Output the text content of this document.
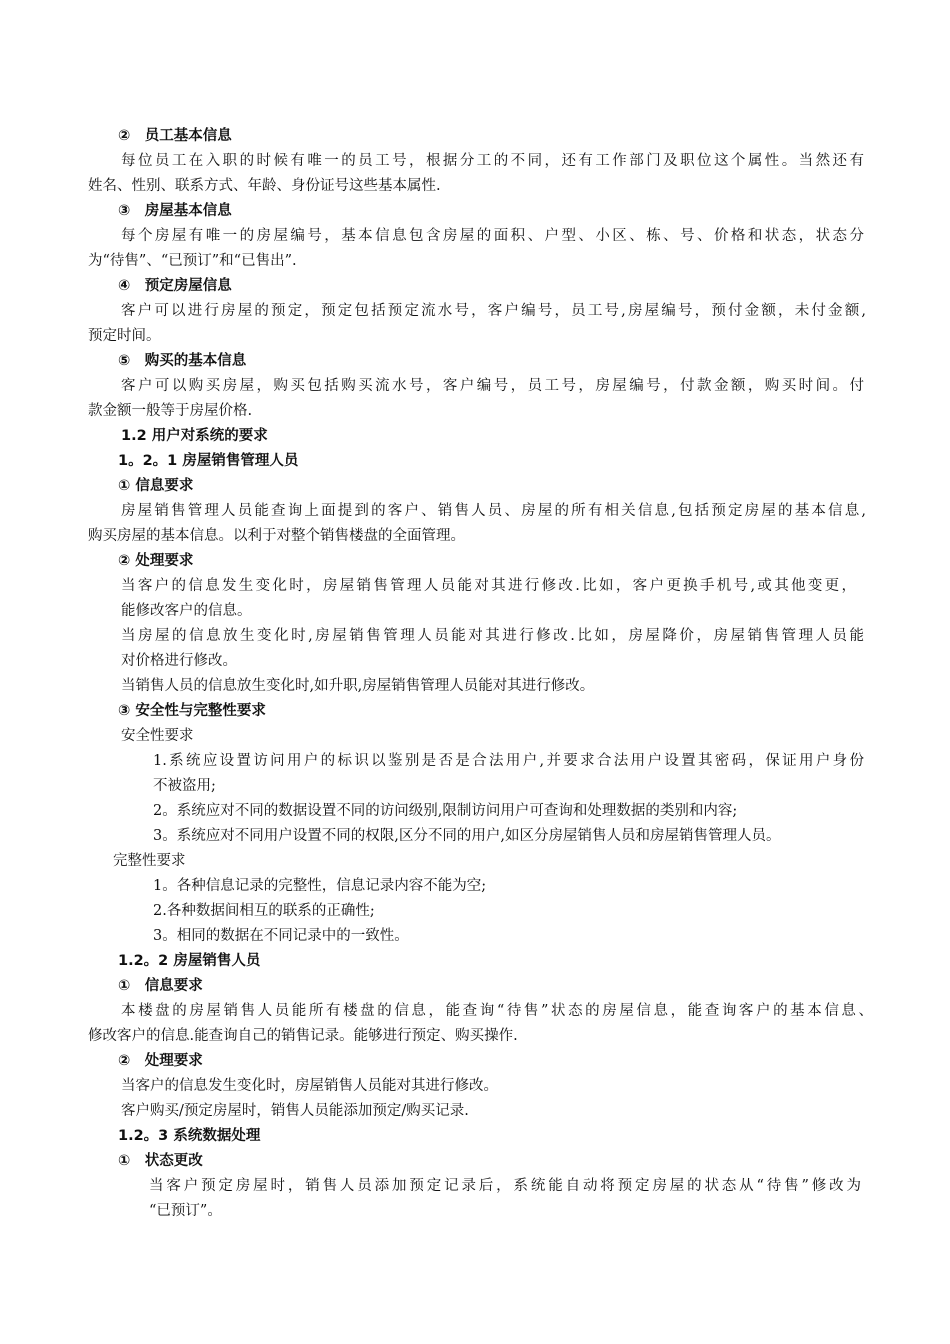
②　员工基本信息
每位员工在入职的时候有唯一的员工号，根据分工的不同，还有工作部门及职位这个属性。当然还有
姓名、性别、联系方式、年龄、身份证号这些基本属性.
③　房屋基本信息
每个房屋有唯一的房屋编号，基本信息包含房屋的面积、户型、小区、栋、号、价格和状态，状态分
为“待售”、“已预订”和“已售出”.
④　预定房屋信息
客户可以进行房屋的预定，预定包括预定流水号，客户编号，员工号,房屋编号，预付金额，未付金额,
预定时间。
⑤　购买的基本信息
客户可以购买房屋，购买包括购买流水号，客户编号，员工号，房屋编号，付款金额，购买时间。付
款金额一般等于房屋价格.
1.2 用户对系统的要求
1。2。1 房屋销售管理人员
① 信息要求
房屋销售管理人员能查询上面提到的客户、销售人员、房屋的所有相关信息,包括预定房屋的基本信息,
购买房屋的基本信息。以利于对整个销售楼盘的全面管理。
② 处理要求
当客户的信息发生变化时，房屋销售管理人员能对其进行修改.比如，客户更换手机号,或其他变更，
能修改客户的信息。
当房屋的信息放生变化时,房屋销售管理人员能对其进行修改.比如，房屋降价，房屋销售管理人员能
对价格进行修改。
当销售人员的信息放生变化时,如升职,房屋销售管理人员能对其进行修改。
③ 安全性与完整性要求
安全性要求
1.系统应设置访问用户的标识以鉴别是否是合法用户,并要求合法用户设置其密码，保证用户身份
不被盗用;
2。系统应对不同的数据设置不同的访问级别,限制访问用户可查询和处理数据的类别和内容;
3。系统应对不同用户设置不同的权限,区分不同的用户,如区分房屋销售人员和房屋销售管理人员。
完整性要求
1。各种信息记录的完整性，信息记录内容不能为空;
2.各种数据间相互的联系的正确性;
3。相同的数据在不同记录中的一致性。
1.2。2 房屋销售人员
①　信息要求
本楼盘的房屋销售人员能所有楼盘的信息，能查询“待售”状态的房屋信息，能查询客户的基本信息、
修改客户的信息.能查询自己的销售记录。能够进行预定、购买操作.
②　处理要求
当客户的信息发生变化时，房屋销售人员能对其进行修改。
客户购买/预定房屋时，销售人员能添加预定/购买记录.
1.2。3 系统数据处理
①　状态更改
当客户预定房屋时，销售人员添加预定记录后，系统能自动将预定房屋的状态从“待售”修改为
“已预订”。
